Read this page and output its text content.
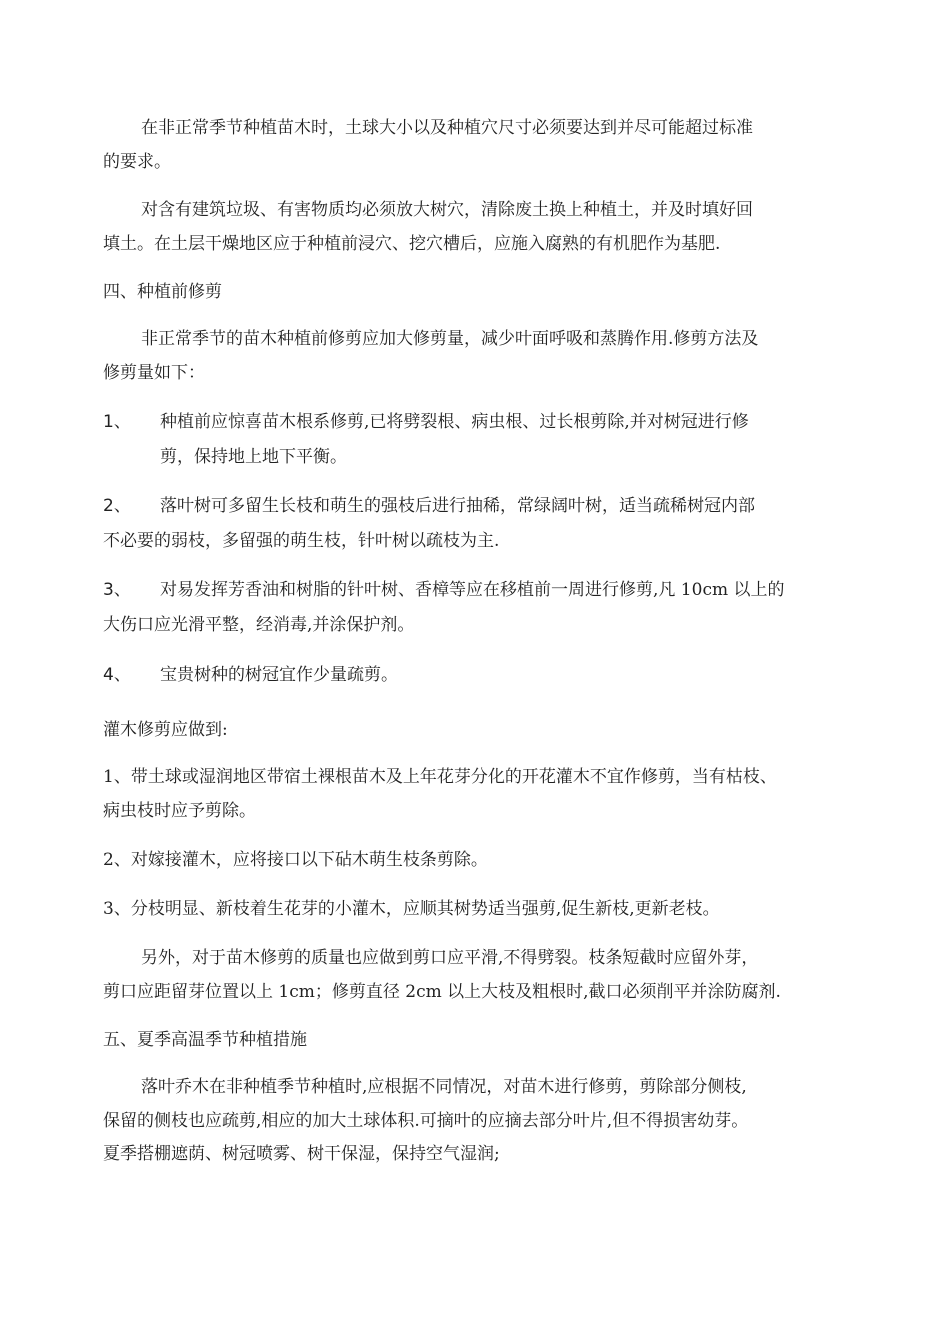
在非正常季节种植苗木时，土球大小以及种植穴尺寸必须要达到并尽可能超过标准
的要求。
对含有建筑垃圾、有害物质均必须放大树穴，清除废土换上种植土，并及时填好回
填土。在土层干燥地区应于种植前浸穴、挖穴槽后，应施入腐熟的有机肥作为基肥.
四、种植前修剪
非正常季节的苗木种植前修剪应加大修剪量，减少叶面呼吸和蒸腾作用.修剪方法及
修剪量如下：
1、 种植前应惊喜苗木根系修剪,已将劈裂根、病虫根、过长根剪除,并对树冠进行修
剪，保持地上地下平衡。
2、 落叶树可多留生长枝和萌生的强枝后进行抽稀，常绿阔叶树，适当疏稀树冠内部
不必要的弱枝，多留强的萌生枝，针叶树以疏枝为主.
3、 对易发挥芳香油和树脂的针叶树、香樟等应在移植前一周进行修剪,凡 10cm 以上的
大伤口应光滑平整，经消毒,并涂保护剂。
4、 宝贵树种的树冠宜作少量疏剪。
灌木修剪应做到:
1、带土球或湿润地区带宿土裸根苗木及上年花芽分化的开花灌木不宜作修剪，当有枯枝、
病虫枝时应予剪除。
2、对嫁接灌木，应将接口以下砧木萌生枝条剪除。
3、分枝明显、新枝着生花芽的小灌木，应顺其树势适当强剪,促生新枝,更新老枝。
另外，对于苗木修剪的质量也应做到剪口应平滑,不得劈裂。枝条短截时应留外芽，
剪口应距留芽位置以上 1cm；修剪直径 2cm 以上大枝及粗根时,截口必须削平并涂防腐剂.
五、夏季高温季节种植措施
落叶乔木在非种植季节种植时,应根据不同情况，对苗木进行修剪，剪除部分侧枝,
保留的侧枝也应疏剪,相应的加大土球体积.可摘叶的应摘去部分叶片,但不得损害幼芽。
夏季搭棚遮荫、树冠喷雾、树干保湿，保持空气湿润;
